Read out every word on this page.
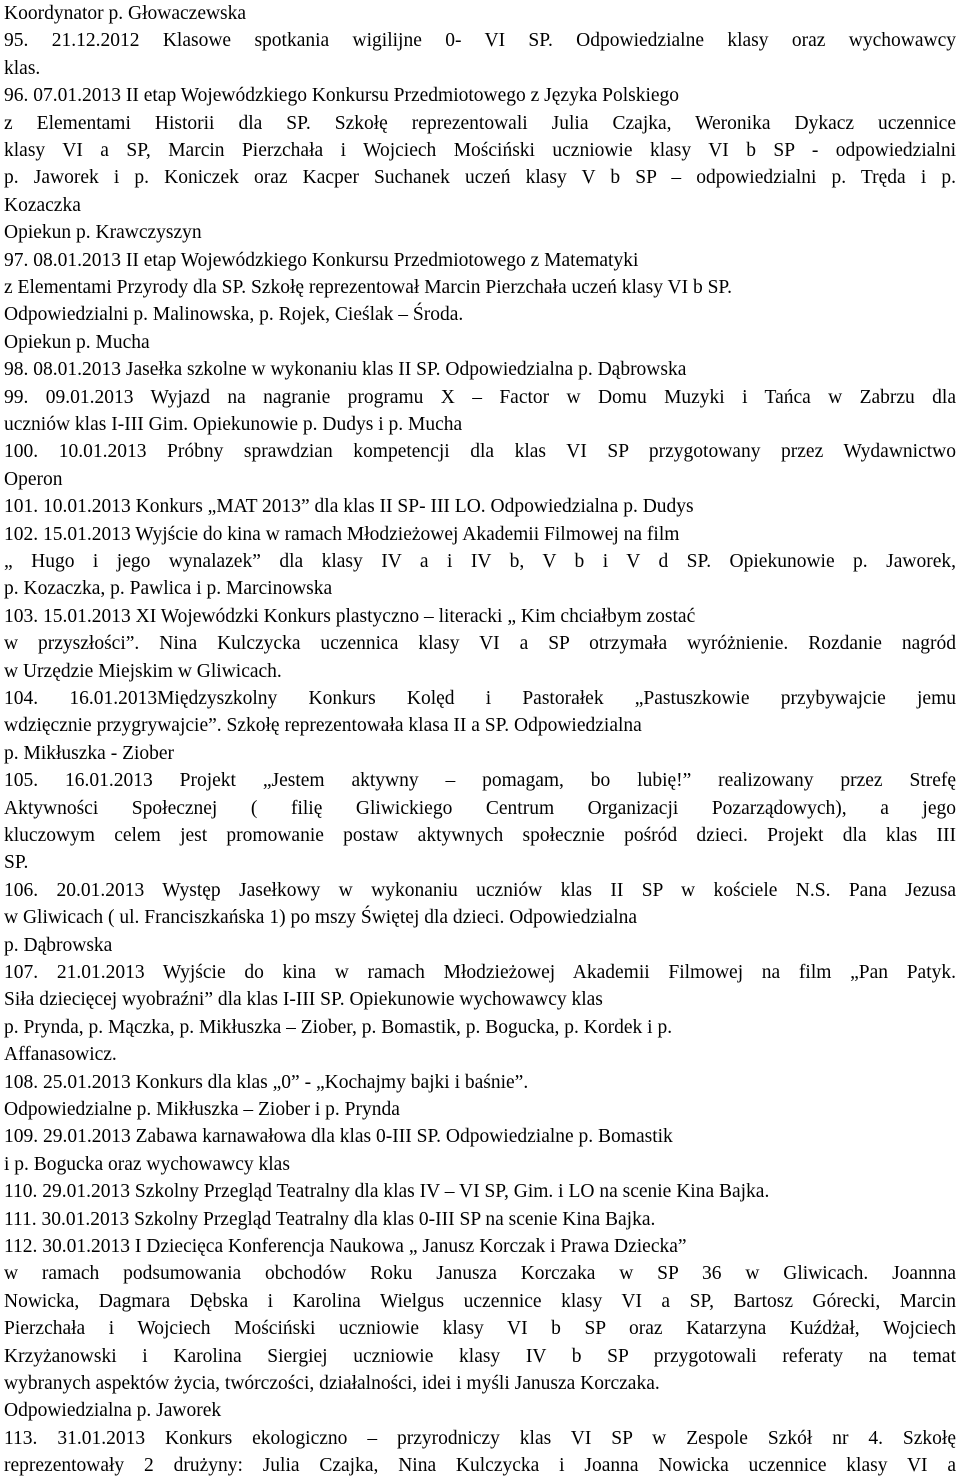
Koordynator p. Głowaczewska
95. 21.12.2012 Klasowe spotkania wigilijne 0- VI SP. Odpowiedzialne klasy oraz wychowawcy
klas.
96. 07.01.2013 II etap Wojewódzkiego Konkursu Przedmiotowego z Języka Polskiego
z Elementami Historii dla SP. Szkołę reprezentowali Julia Czajka, Weronika Dykacz uczennice
klasy VI a SP, Marcin Pierzchała i Wojciech Mościński uczniowie klasy VI b SP - odpowiedzialni
p. Jaworek i p. Koniczek oraz Kacper Suchanek uczeń klasy V b SP – odpowiedzialni p. Tręda i p.
Kozaczka
Opiekun p. Krawczyszyn
97. 08.01.2013 II etap Wojewódzkiego Konkursu Przedmiotowego z Matematyki
z Elementami Przyrody dla SP. Szkołę reprezentował Marcin Pierzchała uczeń klasy VI b SP.
Odpowiedzialni p. Malinowska, p. Rojek, Cieślak – Środa.
Opiekun p. Mucha
98. 08.01.2013 Jasełka szkolne w wykonaniu klas II SP. Odpowiedzialna p. Dąbrowska
99. 09.01.2013 Wyjazd na nagranie programu X – Factor w Domu Muzyki i Tańca w Zabrzu dla
uczniów klas I-III Gim. Opiekunowie p. Dudys i p. Mucha
100. 10.01.2013 Próbny sprawdzian kompetencji dla klas VI SP przygotowany przez Wydawnictwo
Operon
101. 10.01.2013 Konkurs „MAT 2013” dla klas II SP- III LO. Odpowiedzialna p. Dudys
102. 15.01.2013 Wyjście do kina w ramach Młodzieżowej Akademii Filmowej na film
„ Hugo i jego wynalazek” dla klasy IV a i IV b, V b i V d SP. Opiekunowie p. Jaworek,
p. Kozaczka, p. Pawlica i p. Marcinowska
103. 15.01.2013 XI Wojewódzki Konkurs plastyczno – literacki „ Kim chciałbym zostać
w przyszłości”. Nina Kulczycka uczennica klasy VI a SP otrzymała wyróżnienie. Rozdanie nagród
w Urzędzie Miejskim w Gliwicach.
104. 16.01.2013Międzyszkolny Konkurs Kolęd i Pastorałek „Pastuszkowie przybywajcie jemu
wdzięcznie przygrywajcie”. Szkołę reprezentowała klasa II a SP. Odpowiedzialna
p. Mikłuszka - Ziober
105. 16.01.2013 Projekt „Jestem aktywny – pomagam, bo lubię!” realizowany przez Strefę
Aktywności Społecznej ( filię Gliwickiego Centrum Organizacji Pozarządowych), a jego
kluczowym celem jest promowanie postaw aktywnych społecznie pośród dzieci. Projekt dla klas III
SP.
106. 20.01.2013 Występ Jasełkowy w wykonaniu uczniów klas II SP w kościele N.S. Pana Jezusa
w Gliwicach ( ul. Franciszkańska 1) po mszy Świętej dla dzieci. Odpowiedzialna
p. Dąbrowska
107. 21.01.2013 Wyjście do kina w ramach Młodzieżowej Akademii Filmowej na film „Pan Patyk.
Siła dziecięcej wyobraźni” dla klas I-III SP. Opiekunowie wychowawcy klas
p. Prynda, p. Mączka, p. Mikłuszka – Ziober, p. Bomastik, p. Bogucka, p. Kordek i p.
Affanasowicz.
108. 25.01.2013 Konkurs dla klas „0” - „Kochajmy bajki i baśnie”.
Odpowiedzialne p. Mikłuszka – Ziober i p. Prynda
109. 29.01.2013 Zabawa karnawałowa dla klas 0-III SP. Odpowiedzialne p. Bomastik
i p. Bogucka oraz wychowawcy klas
110. 29.01.2013 Szkolny Przegląd Teatralny dla klas IV – VI SP, Gim. i LO na scenie Kina Bajka.
111. 30.01.2013 Szkolny Przegląd Teatralny dla klas 0-III SP na scenie Kina Bajka.
112. 30.01.2013 I Dziecięca Konferencja Naukowa „ Janusz Korczak i Prawa Dziecka”
w ramach podsumowania obchodów Roku Janusza Korczaka w SP 36 w Gliwicach. Joannna
Nowicka, Dagmara Dębska i Karolina Wielgus uczennice klasy VI a SP, Bartosz Górecki, Marcin
Pierzchała i Wojciech Mościński uczniowie klasy VI b SP oraz Katarzyna Kuźdżał, Wojciech
Krzyżanowski i Karolina Siergiej uczniowie klasy IV b SP przygotowali referaty na temat
wybranych aspektów życia, twórczości, działalności, idei i myśli Janusza Korczaka.
Odpowiedzialna p. Jaworek
113. 31.01.2013 Konkurs ekologiczno – przyrodniczy klas VI SP w Zespole Szkół nr 4. Szkołę
reprezentowały 2 drużyny: Julia Czajka, Nina Kulczycka i Joanna Nowicka uczennice klasy VI a
